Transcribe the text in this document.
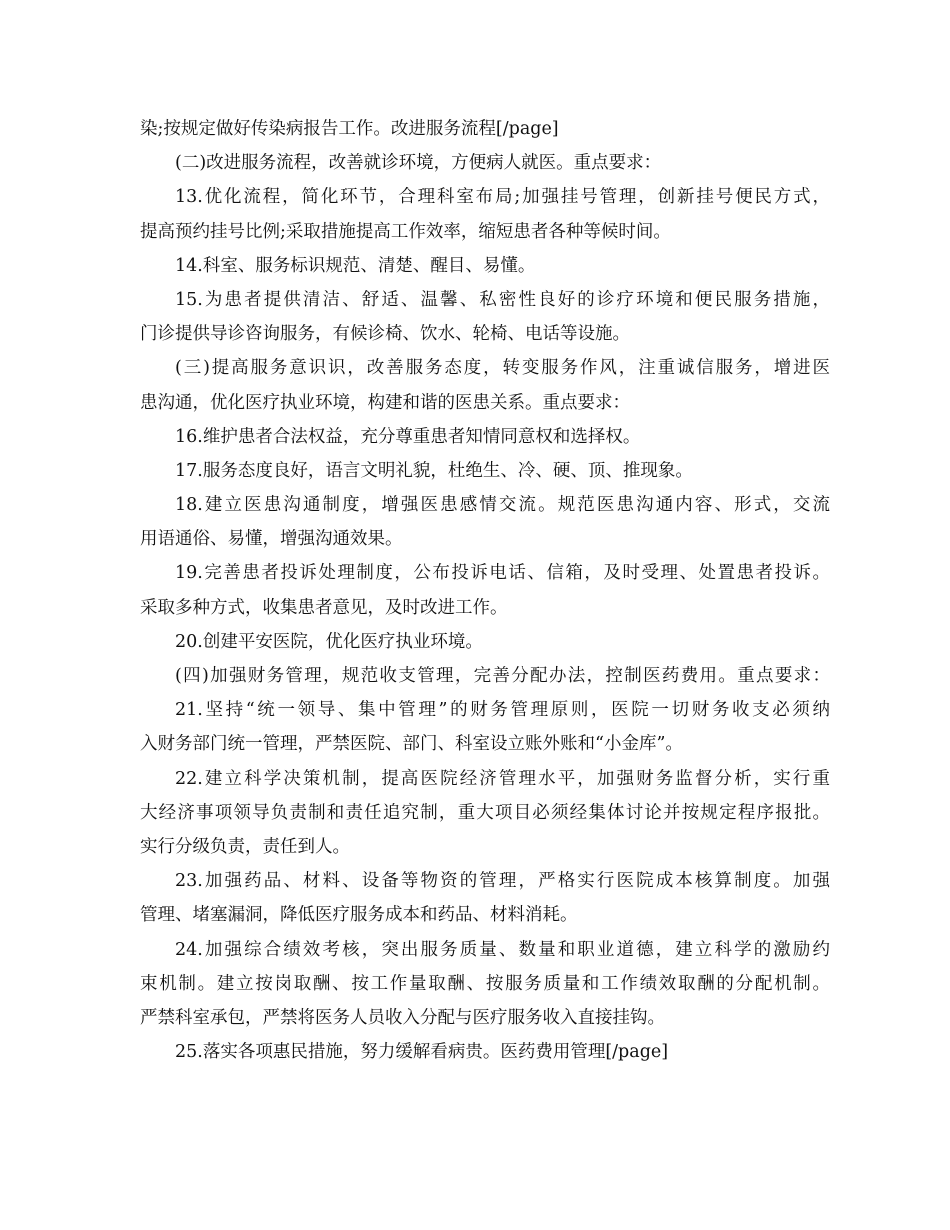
染;按规定做好传染病报告工作。改进服务流程[/page]
(二)改进服务流程，改善就诊环境，方便病人就医。重点要求：
13.优化流程，简化环节，合理科室布局;加强挂号管理，创新挂号便民方式，
提高预约挂号比例;采取措施提高工作效率，缩短患者各种等候时间。
14.科室、服务标识规范、清楚、醒目、易懂。
15.为患者提供清洁、舒适、温馨、私密性良好的诊疗环境和便民服务措施，
门诊提供导诊咨询服务，有候诊椅、饮水、轮椅、电话等设施。
(三)提高服务意识识，改善服务态度，转变服务作风，注重诚信服务，增进医
患沟通，优化医疗执业环境，构建和谐的医患关系。重点要求：
16.维护患者合法权益，充分尊重患者知情同意权和选择权。
17.服务态度良好，语言文明礼貌，杜绝生、冷、硬、顶、推现象。
18.建立医患沟通制度，增强医患感情交流。规范医患沟通内容、形式，交流
用语通俗、易懂，增强沟通效果。
19.完善患者投诉处理制度，公布投诉电话、信箱，及时受理、处置患者投诉。
采取多种方式，收集患者意见，及时改进工作。
20.创建平安医院，优化医疗执业环境。
(四)加强财务管理，规范收支管理，完善分配办法，控制医药费用。重点要求：
21.坚持“统一领导、集中管理”的财务管理原则，医院一切财务收支必须纳
入财务部门统一管理，严禁医院、部门、科室设立账外账和“小金库”。
22.建立科学决策机制，提高医院经济管理水平，加强财务监督分析，实行重
大经济事项领导负责制和责任追究制，重大项目必须经集体讨论并按规定程序报批。
实行分级负责，责任到人。
23.加强药品、材料、设备等物资的管理，严格实行医院成本核算制度。加强
管理、堵塞漏洞，降低医疗服务成本和药品、材料消耗。
24.加强综合绩效考核，突出服务质量、数量和职业道德，建立科学的激励约
束机制。建立按岗取酬、按工作量取酬、按服务质量和工作绩效取酬的分配机制。
严禁科室承包，严禁将医务人员收入分配与医疗服务收入直接挂钩。
25.落实各项惠民措施，努力缓解看病贵。医药费用管理[/page]
